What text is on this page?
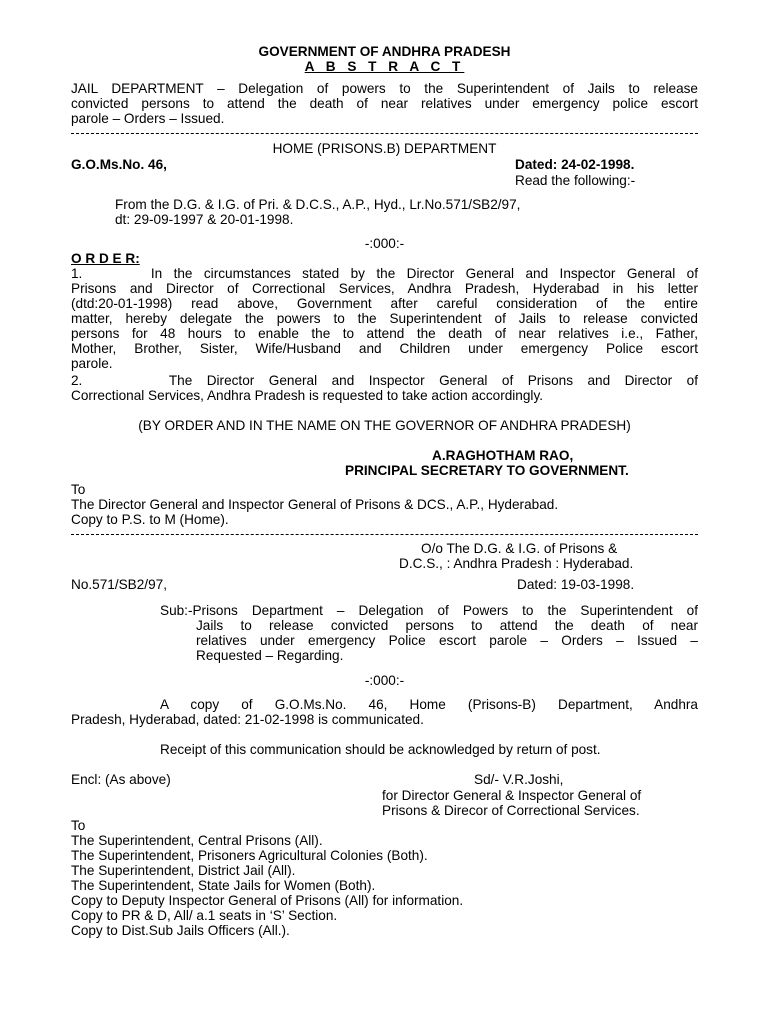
GOVERNMENT OF ANDHRA PRADESH
A B S T R A C T
JAIL DEPARTMENT – Delegation of powers to the Superintendent of Jails to release
convicted persons to attend the death of near relatives under emergency police escort
parole – Orders – Issued.
HOME (PRISONS.B) DEPARTMENT
G.O.Ms.No. 46,	Dated: 24-02-1998.
Read the following:-
From the D.G. & I.G. of Pri. & D.C.S., A.P., Hyd., Lr.No.571/SB2/97,
dt: 29-09-1997 & 20-01-1998.
-:000:-
O R D E R:
1.      In the circumstances stated by the Director General and Inspector General of
Prisons and Director of Correctional Services, Andhra Pradesh, Hyderabad in his letter
(dtd:20-01-1998) read above, Government after careful consideration of the entire
matter, hereby delegate the powers to the Superintendent of Jails to release convicted
persons for 48 hours to enable the to attend the death of near relatives i.e., Father,
Mother, Brother, Sister, Wife/Husband and Children under emergency Police escort
parole.
2.      The Director General and Inspector General of Prisons and Director of
Correctional Services, Andhra Pradesh is requested to take action accordingly.
(BY ORDER AND IN THE NAME ON THE GOVERNOR OF ANDHRA PRADESH)
A.RAGHOTHAM RAO,
PRINCIPAL SECRETARY TO GOVERNMENT.
To
The Director General and Inspector General of Prisons & DCS., A.P., Hyderabad.
Copy to P.S. to M (Home).
O/o The D.G. & I.G. of Prisons &
D.C.S., : Andhra Pradesh : Hyderabad.
No.571/SB2/97,	Dated: 19-03-1998.
Sub:-Prisons Department – Delegation of Powers to the Superintendent of
Jails to release convicted persons to attend the death of near
relatives under emergency Police escort parole – Orders – Issued –
Requested – Regarding.
-:000:-
A copy of G.O.Ms.No. 46, Home (Prisons-B) Department, Andhra
Pradesh, Hyderabad, dated: 21-02-1998 is communicated.
Receipt of this communication should be acknowledged by return of post.
Encl: (As above)	Sd/- V.R.Joshi,
for Director General & Inspector General of
Prisons & Direcor of Correctional Services.
To
The Superintendent, Central Prisons (All).
The Superintendent, Prisoners Agricultural Colonies (Both).
The Superintendent, District Jail (All).
The Superintendent, State Jails for Women (Both).
Copy to Deputy Inspector General of Prisons (All) for information.
Copy to PR & D, All/ a.1 seats in ‘S’ Section.
Copy to Dist.Sub Jails Officers (All.).
